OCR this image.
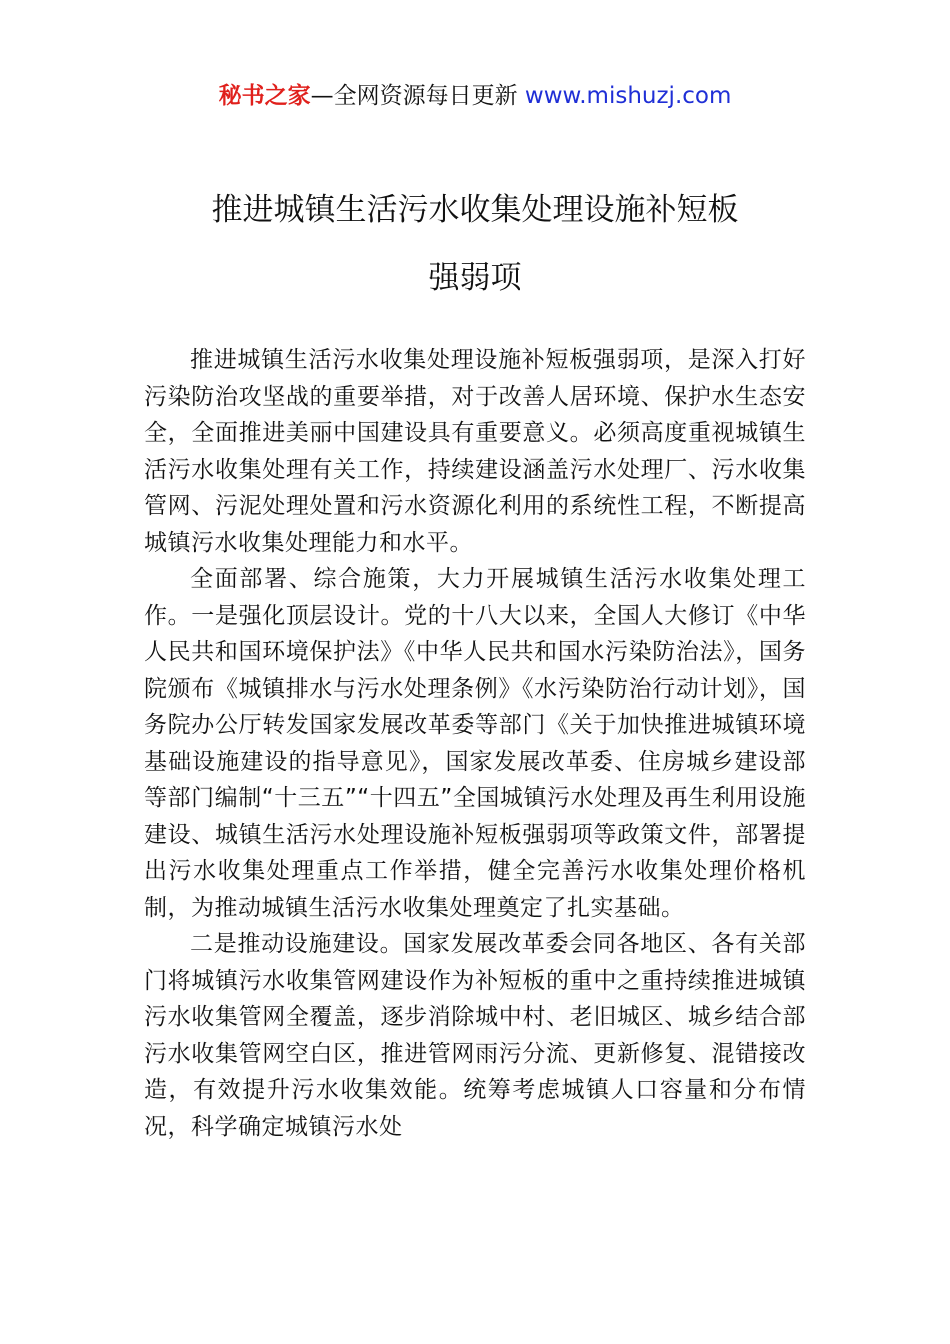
秘书之家—全网资源每日更新 www.mishuzj.com
推进城镇生活污水收集处理设施补短板
强弱项

推进城镇生活污水收集处理设施补短板强弱项，是深入打好污染防治攻坚战的重要举措，对于改善人居环境、保护水生态安全，全面推进美丽中国建设具有重要意义。必须高度重视城镇生活污水收集处理有关工作，持续建设涵盖污水处理厂、污水收集管网、污泥处理处置和污水资源化利用的系统性工程，不断提高城镇污水收集处理能力和水平。

全面部署、综合施策，大力开展城镇生活污水收集处理工作。一是强化顶层设计。党的十八大以来，全国人大修订《中华人民共和国环境保护法》《中华人民共和国水污染防治法》，国务院颁布《城镇排水与污水处理条例》《水污染防治行动计划》，国务院办公厅转发国家发展改革委等部门《关于加快推进城镇环境基础设施建设的指导意见》，国家发展改革委、住房城乡建设部等部门编制“十三五”“十四五”全国城镇污水处理及再生利用设施建设、城镇生活污水处理设施补短板强弱项等政策文件，部署提出污水收集处理重点工作举措，健全完善污水收集处理价格机制，为推动城镇生活污水收集处理奠定了扎实基础。

二是推动设施建设。国家发展改革委会同各地区、各有关部门将城镇污水收集管网建设作为补短板的重中之重持续推进城镇污水收集管网全覆盖，逐步消除城中村、老旧城区、城乡结合部污水收集管网空白区，推进管网雨污分流、更新修复、混错接改造，有效提升污水收集效能。统筹考虑城镇人口容量和分布情况，科学确定城镇污水处
